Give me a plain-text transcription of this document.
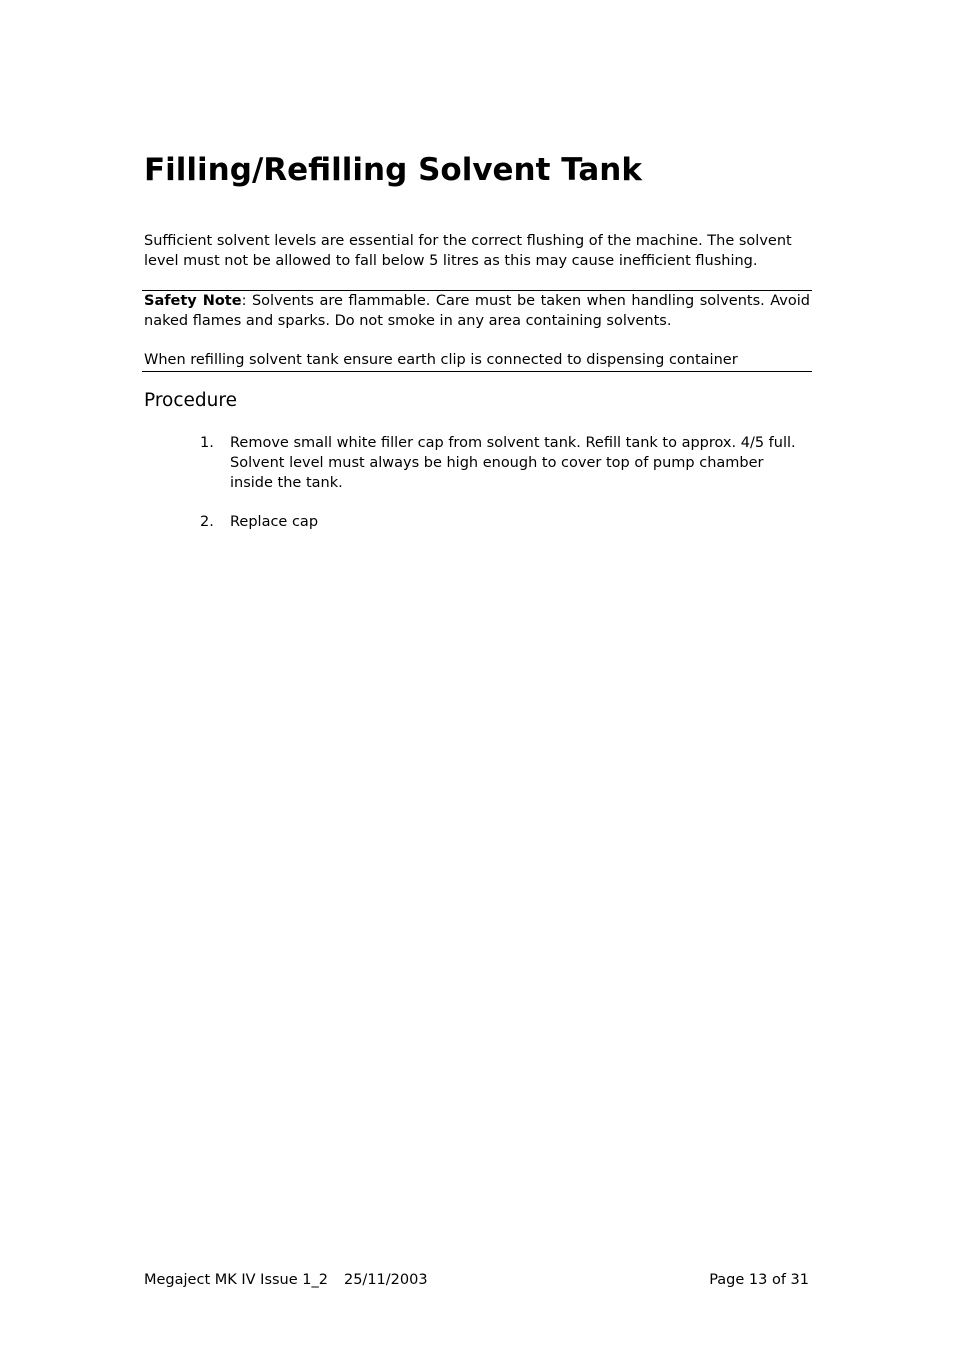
Filling/Refilling Solvent Tank

Sufficient solvent levels are essential for the correct flushing of the machine. The solvent level must not be allowed to fall below 5 litres as this may cause inefficient flushing.

Safety Note: Solvents are flammable. Care must be taken when handling solvents. Avoid naked flames and sparks. Do not smoke in any area containing solvents.

When refilling solvent tank ensure earth clip is connected to dispensing container

Procedure
1. Remove small white filler cap from solvent tank. Refill tank to approx. 4/5 full. Solvent level must always be high enough to cover top of pump chamber inside the tank.
2. Replace cap
Megaject MK IV Issue 1_2 25/11/2003	Page 13 of 31
